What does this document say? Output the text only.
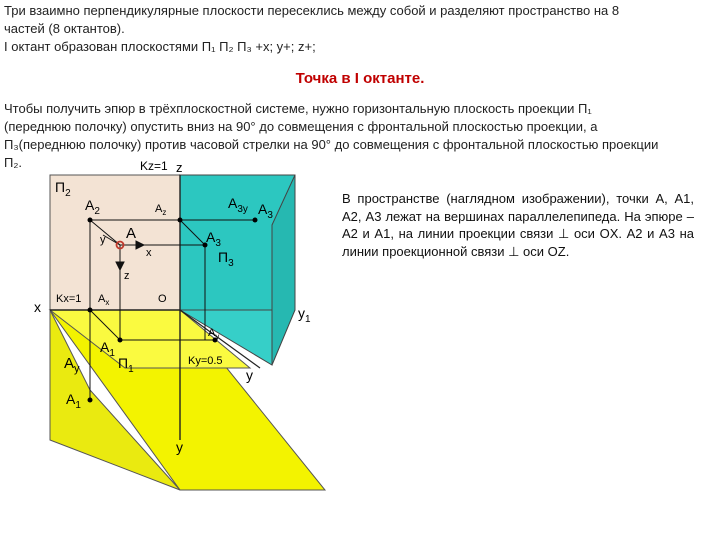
Три взаимно перпендикулярные плоскости пересеклись между собой и разделяют пространство на 8
частей (8 октантов).
I октант образован плоскостями П₁ П₂ П₃ +x; y+; z+;
Точка в I октанте.
Чтобы получить эпюр в трёхплоскостной системе, нужно горизонтальную плоскость проекции П₁
(переднюю полочку) опустить вниз на 90° до совмещения с фронтальной плоскостью проекции, а
П₃(переднюю полочку) против часовой стрелки на 90° до совмещения с фронтальной плоскостью проекции
П₂.	Kz=1 z
$П_2$
$А_2$	$А_z$
$А_{3y}$ $А_3$
y А
x
$А_3$
$П_3$
z
x Kx=1 $А_x$	O
$y_1$
$А_y$
$А_1$
Ky=0.5
$А_y$	$П_1$	y
$А_1$
y
В пространстве (наглядном изображении), точки А, А1, А2, А3 лежат на вершинах параллелепипеда. На эпюре – А2 и А1, на линии проекции связи ⊥ оси ОX. А2 и А3 на линии проекционной связи ⊥ оси ОZ.
